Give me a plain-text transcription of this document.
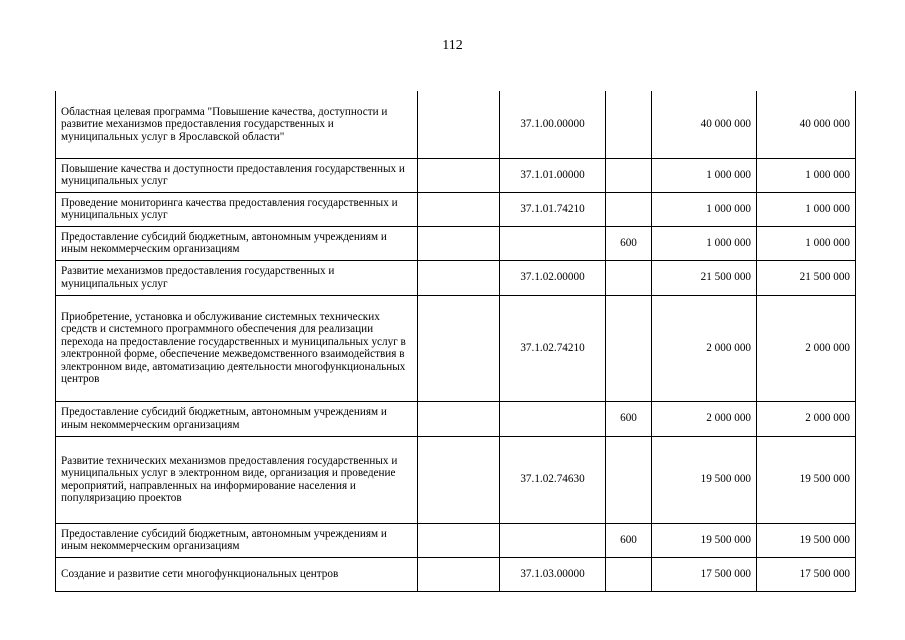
112
Областная целевая программа "Повышение качества, доступности и развитие механизмов предоставления государственных и муниципальных услуг в Ярославской области"		37.1.00.00000		40 000 000	40 000 000
Повышение качества и доступности предоставления государственных и муниципальных услуг		37.1.01.00000		1 000 000	1 000 000
Проведение мониторинга качества предоставления государственных и муниципальных услуг		37.1.01.74210		1 000 000	1 000 000
Предоставление субсидий бюджетным, автономным учреждениям и иным некоммерческим организациям			600	1 000 000	1 000 000
Развитие механизмов предоставления государственных и муниципальных услуг		37.1.02.00000		21 500 000	21 500 000
Приобретение, установка и обслуживание системных технических средств и системного программного обеспечения для реализации перехода на предоставление государственных и муниципальных услуг в электронной форме, обеспечение межведомственного взаимодействия в электронном виде, автоматизацию деятельности многофункциональных центров		37.1.02.74210		2 000 000	2 000 000
Предоставление субсидий бюджетным, автономным учреждениям и иным некоммерческим организациям			600	2 000 000	2 000 000
Развитие технических механизмов предоставления государственных и муниципальных услуг в электронном виде, организация и проведение мероприятий, направленных на информирование населения и популяризацию проектов		37.1.02.74630		19 500 000	19 500 000
Предоставление субсидий бюджетным, автономным учреждениям и иным некоммерческим организациям			600	19 500 000	19 500 000
Создание и развитие сети многофункциональных центров		37.1.03.00000		17 500 000	17 500 000
